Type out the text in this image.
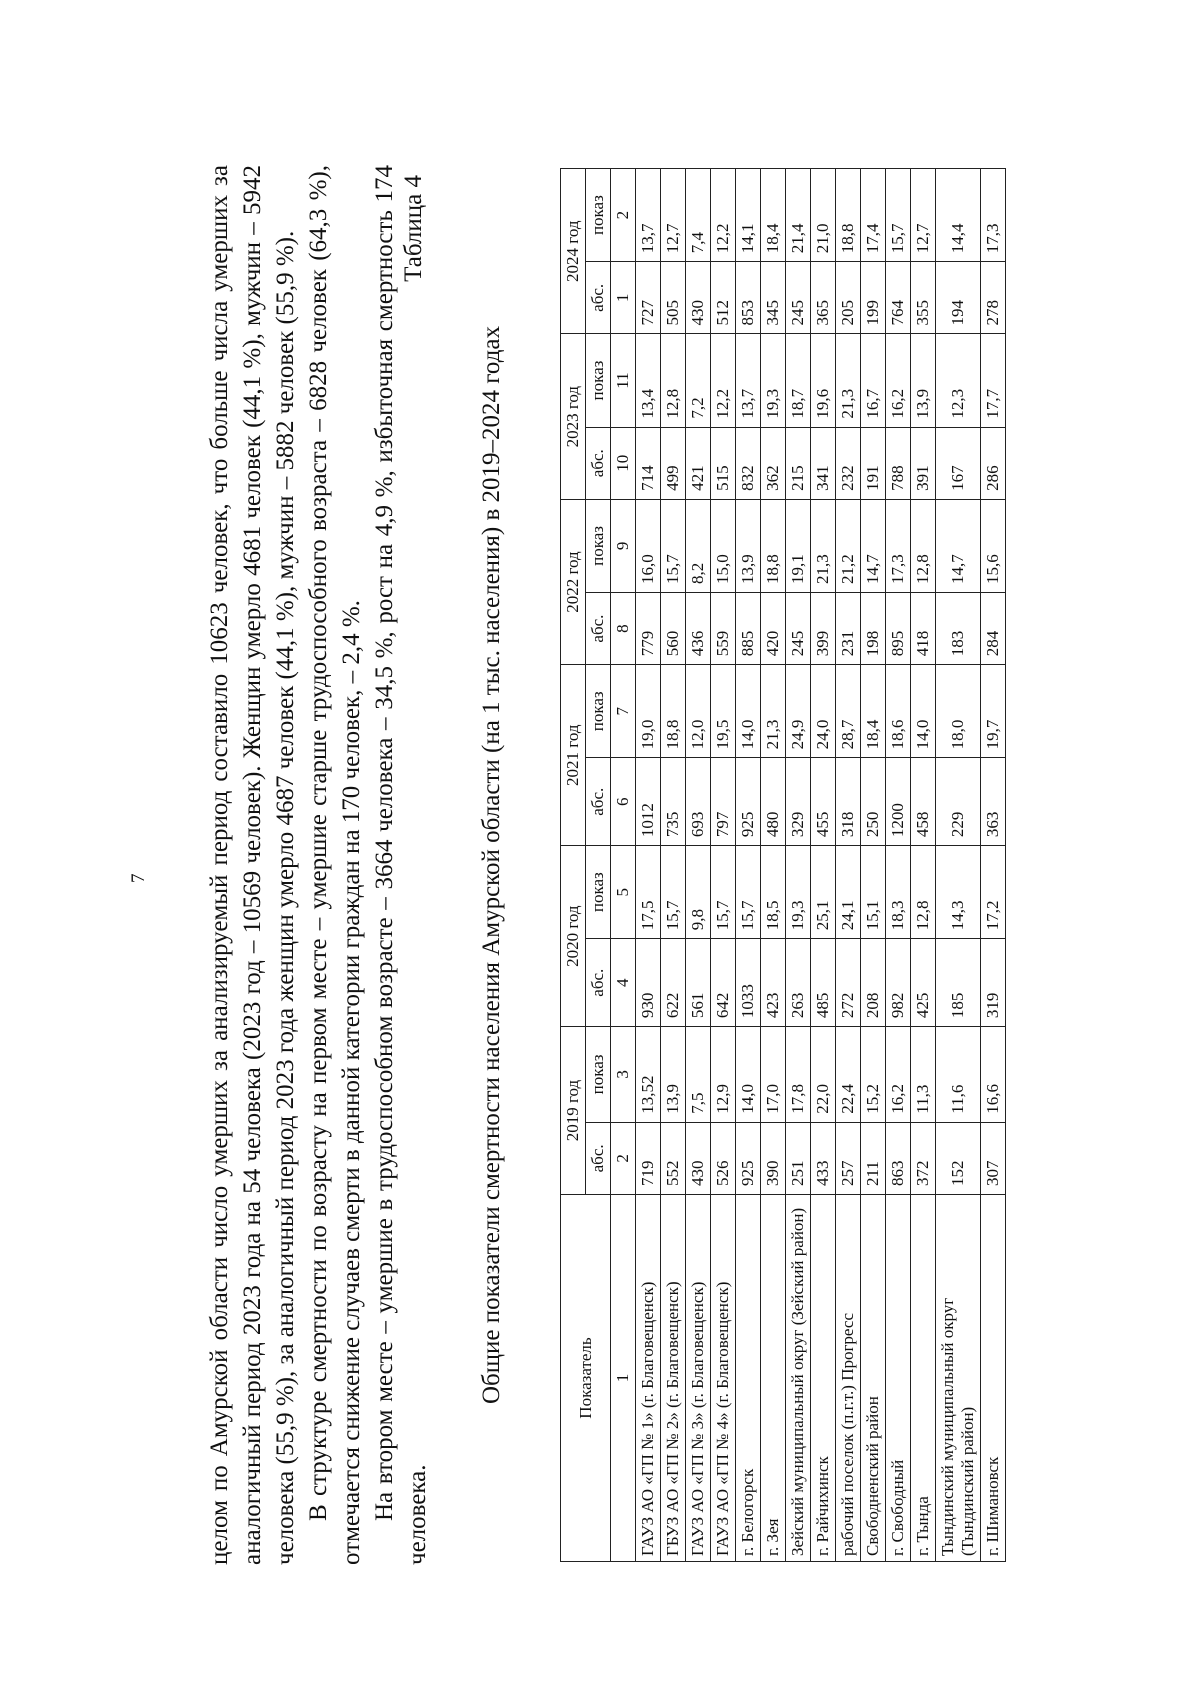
7 целом по Амурской области число умерших за анализируемый период составило 10623 человек, что больше числа умерших за аналогичный период 2023 года на 54 человека (2023 год – 10569 человек). Женщин умерло 4681 человек (44,1 %), мужчин – 5942 человека (55,9 %), за аналогичный период 2023 года женщин умерло 4687 человек (44,1 %), мужчин – 5882 человек (55,9 %). В структуре смертности по возрасту на первом месте – умершие старше трудоспособного возраста – 6828 человек (64,3 %), отмечается снижение случаев смерти в данной категории граждан на 170 человек, – 2,4 %. На втором месте – умершие в трудоспособном возрасте – 3664 человека – 34,5 %, рост на 4,9 %, избыточная смертность 174 человека.

Таблица 4
Общие показатели смертности населения Амурской области (на 1 тыс. населения) в 2019–2024 годах	Показатель	2019 год		2020 год		2021 год		2022 год		2023 год		2024 год	
	абс.	показ	абс.	показ	абс.	показ	абс.	показ	абс.	показ	абс.	показ
1	2	3	4	5	6	7	8	9	10	11	1	2
ГАУЗ АО «ГП № 1» (г. Благовещенск)	719	13,52	930	17,5	1012	19,0	779	16,0	714	13,4	727	13,7
ГБУЗ АО «ГП № 2» (г. Благовещенск)	552	13,9	622	15,7	735	18,8	560	15,7	499	12,8	505	12,7
ГАУЗ АО «ГП № 3» (г. Благовещенск)	430	7,5	561	9,8	693	12,0	436	8,2	421	7,2	430	7,4
ГАУЗ АО «ГП № 4» (г. Благовещенск)	526	12,9	642	15,7	797	19,5	559	15,0	515	12,2	512	12,2
г. Белогорск	925	14,0	1033	15,7	925	14,0	885	13,9	832	13,7	853	14,1
г. Зея	390	17,0	423	18,5	480	21,3	420	18,8	362	19,3	345	18,4
Зейский муниципальный округ (Зейский район)	251	17,8	263	19,3	329	24,9	245	19,1	215	18,7	245	21,4
г. Райчихинск	433	22,0	485	25,1	455	24,0	399	21,3	341	19,6	365	21,0
рабочий поселок (п.г.т.) Прогресс	257	22,4	272	24,1	318	28,7	231	21,2	232	21,3	205	18,8
Свободненский район	211	15,2	208	15,1	250	18,4	198	14,7	191	16,7	199	17,4
г. Свободный	863	16,2	982	18,3	1200	18,6	895	17,3	788	16,2	764	15,7
г. Тында	372	11,3	425	12,8	458	14,0	418	12,8	391	13,9	355	12,7
Тындинский муниципальный округ (Тындинский район)	152	11,6	185	14,3	229	18,0	183	14,7	167	12,3	194	14,4
г. Шимановск	307	16,6	319	17,2	363	19,7	284	15,6	286	17,7	278	17,3
